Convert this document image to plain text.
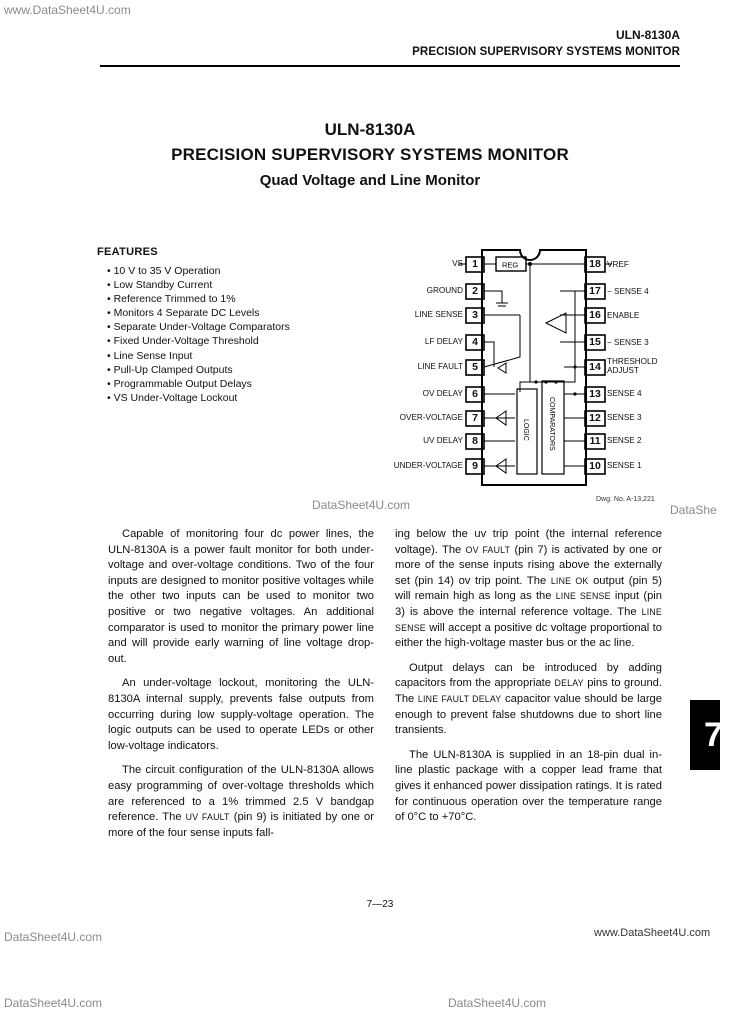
www.DataSheet4U.com
DataSheet4U.com	DataShe
DataSheet4U.com	www.DataSheet4U.com
DataSheet4U.com	DataSheet4U.com
ULN-8130A
PRECISION SUPERVISORY SYSTEMS MONITOR
ULN-8130A
PRECISION SUPERVISORY SYSTEMS MONITOR
Quad Voltage and Line Monitor
FEATURES
• 10 V to 35 V Operation
• Low Standby Current
• Reference Trimmed to 1%
• Monitors 4 Separate DC Levels
• Separate Under-Voltage Comparators
• Fixed Under-Voltage Threshold
• Line Sense Input
• Pull-Up Clamped Outputs
• Programmable Output Delays
• VS Under-Voltage Lockout
VS
GROUND
LINE SENSE
LF DELAY
LINE FAULT
OV DELAY
OVER-VOLTAGE
UV DELAY
UNDER-VOLTAGE
1
2
3
4
5
6
7
8
9
18
17
16
15
14
13
12
11
10
VREF
− SENSE 4
ENABLE
− SENSE 3
THRESHOLD ADJUST
SENSE 4
SENSE 3
SENSE 2
SENSE 1
LOGIC	COMPARATORS
REG
Dwg. No. A-13,221

Capable of monitoring four dc power lines, the ULN-8130A is a power fault monitor for both under-voltage and over-voltage conditions. Two of the four inputs are designed to monitor positive voltages while the other two inputs can be used to monitor two positive or two negative voltages. An additional comparator is used to monitor the primary power line and will provide early warning of line voltage drop-out.

An under-voltage lockout, monitoring the ULN-8130A internal supply, prevents false outputs from occurring during low supply-voltage operation. The logic outputs can be used to operate LEDs or other low-voltage indicators.

The circuit configuration of the ULN-8130A allows easy programming of over-voltage thresholds which are referenced to a 1% trimmed 2.5 V bandgap reference. The UV FAULT (pin 9) is initiated by one or more of the four sense inputs fall-

ing below the uv trip point (the internal reference voltage). The OV FAULT (pin 7) is activated by one or more of the sense inputs rising above the externally set (pin 14) ov trip point. The LINE OK output (pin 5) will remain high as long as the LINE SENSE input (pin 3) is above the internal reference voltage. The LINE SENSE will accept a positive dc voltage proportional to either the high-voltage master bus or the ac line.

Output delays can be introduced by adding capacitors from the appropriate DELAY pins to ground. The LINE FAULT DELAY capacitor value should be large enough to prevent false shutdowns due to short line transients.

The ULN-8130A is supplied in an 18-pin dual in-line plastic package with a copper lead frame that gives it enhanced power dissipation ratings. It is rated for continuous operation over the temperature range of 0°C to +70°C.

7
7—23
